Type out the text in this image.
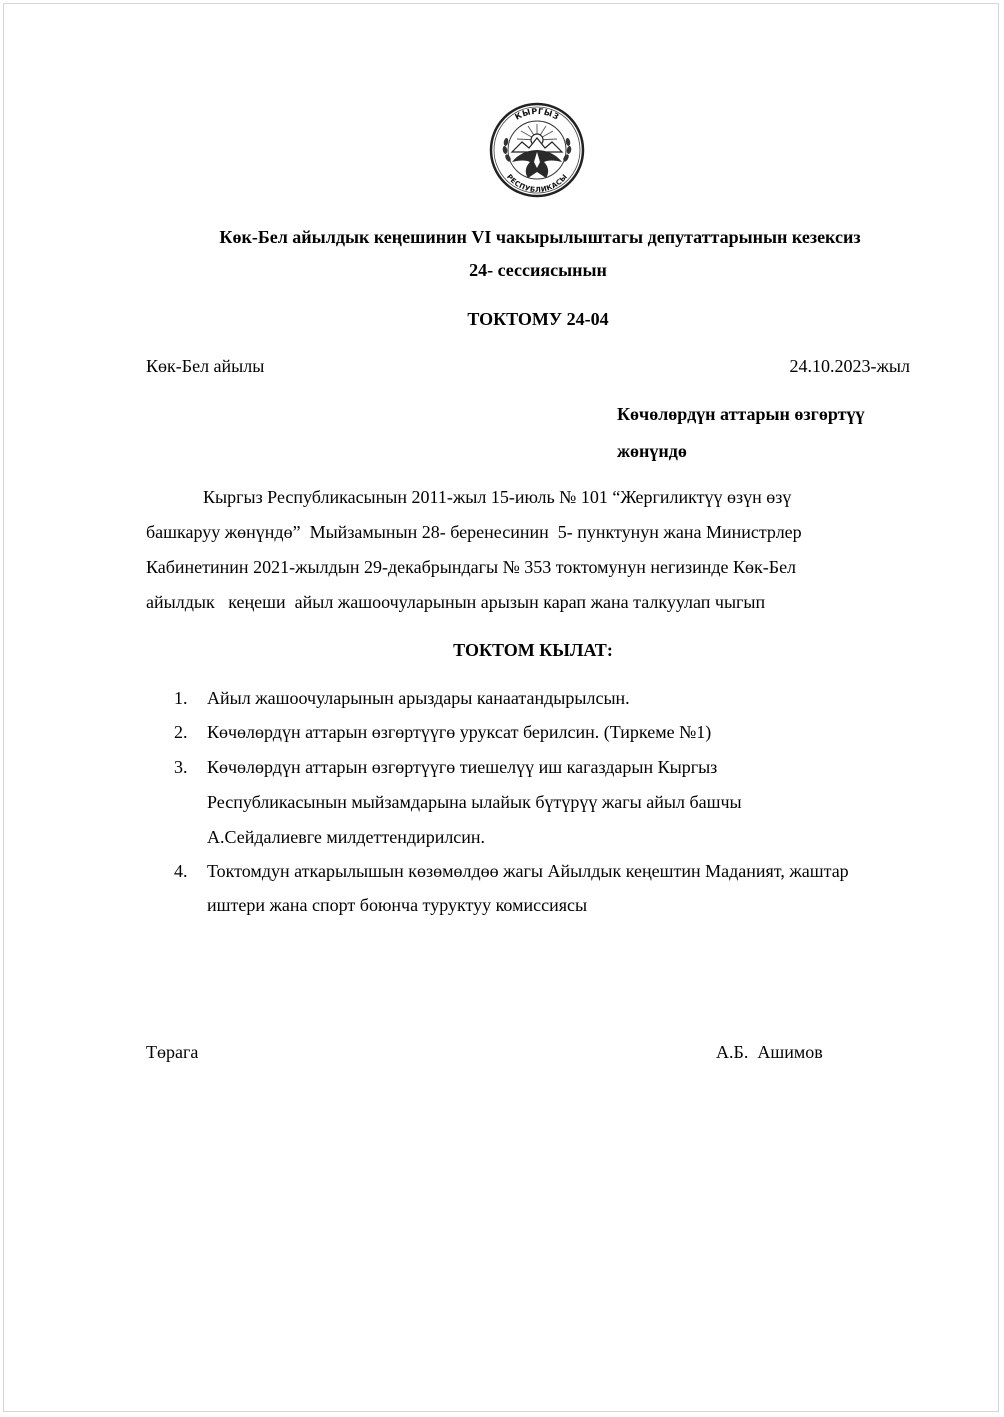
КЫРГЫЗ
РЕСПУБЛИКАСЫ
Көк-Бел айылдык кеңешинин VI чакырылыштагы депутаттарынын кезексиз
24- сессиясынын
ТОКТОМУ 24-04
Көк-Бел айылы	24.10.2023-жыл
Көчөлөрдүн аттарын өзгөртүү
жөнүндө
Кыргыз Республикасынын 2011-жыл 15-июль № 101 “Жергиликтүү өзүн өзү
башкаруу жөнүндө”  Мыйзамынын 28- беренесинин  5- пунктунун жана Министрлер
Кабинетинин 2021-жылдын 29-декабрындагы № 353 токтомунун негизинде Көк-Бел
айылдык   кеңеши  айыл жашоочуларынын арызын карап жана талкуулап чыгып
ТОКТОМ КЫЛАТ:
1. Айыл жашоочуларынын арыздары канаатандырылсын.
2. Көчөлөрдүн аттарын өзгөртүүгө уруксат берилсин. (Тиркеме №1)
3. Көчөлөрдүн аттарын өзгөртүүгө тиешелүү иш кагаздарын Кыргыз
Республикасынын мыйзамдарына ылайык бүтүрүү жагы айыл башчы
А.Сейдалиевге милдеттендирилсин.
4. Токтомдун аткарылышын көзөмөлдөө жагы Айылдык кеңештин Маданият, жаштар
иштери жана спорт боюнча туруктуу комиссиясы
Төрага	А.Б.  Ашимов
